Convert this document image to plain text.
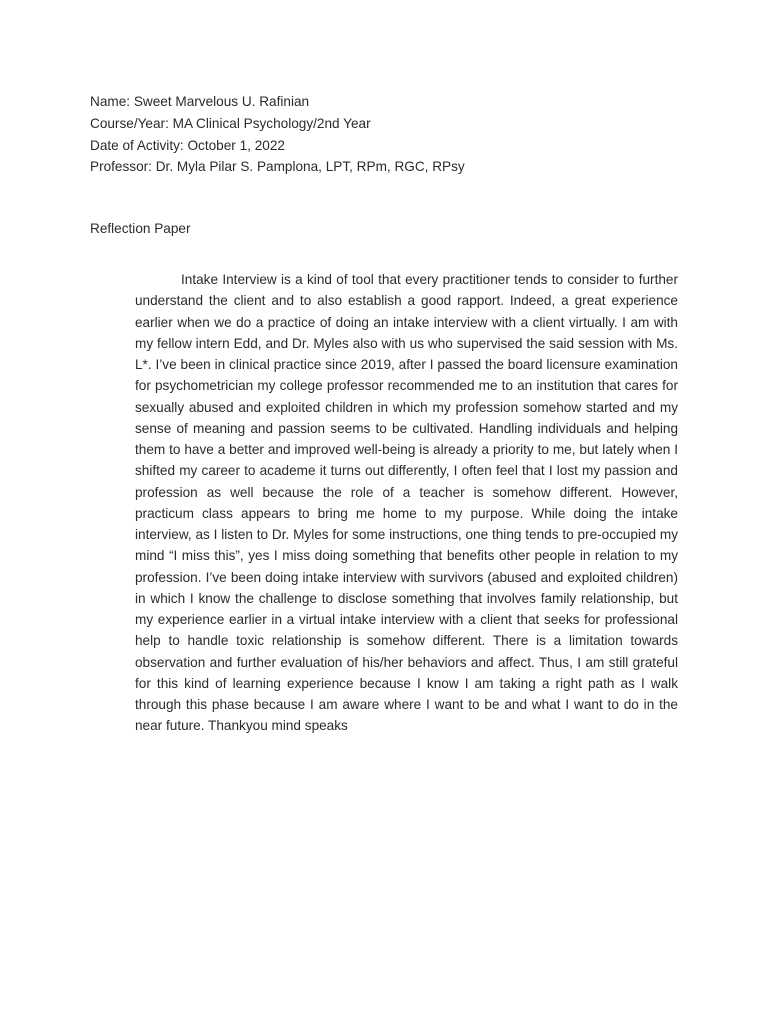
Name: Sweet Marvelous U. Rafinian
Course/Year: MA Clinical Psychology/2nd Year
Date of Activity: October 1, 2022
Professor: Dr. Myla Pilar S. Pamplona, LPT, RPm, RGC, RPsy
Reflection Paper

Intake Interview is a kind of tool that every practitioner tends to consider to further understand the client and to also establish a good rapport. Indeed, a great experience earlier when we do a practice of doing an intake interview with a client virtually. I am with my fellow intern Edd, and Dr. Myles also with us who supervised the said session with Ms. L*. I’ve been in clinical practice since 2019, after I passed the board licensure examination for psychometrician my college professor recommended me to an institution that cares for sexually abused and exploited children in which my profession somehow started and my sense of meaning and passion seems to be cultivated. Handling individuals and helping them to have a better and improved well-being is already a priority to me, but lately when I shifted my career to academe it turns out differently, I often feel that I lost my passion and profession as well because the role of a teacher is somehow different. However, practicum class appears to bring me home to my purpose. While doing the intake interview, as I listen to Dr. Myles for some instructions, one thing tends to pre-occupied my mind “I miss this”, yes I miss doing something that benefits other people in relation to my profession. I’ve been doing intake interview with survivors (abused and exploited children) in which I know the challenge to disclose something that involves family relationship, but my experience earlier in a virtual intake interview with a client that seeks for professional help to handle toxic relationship is somehow different. There is a limitation towards observation and further evaluation of his/her behaviors and affect. Thus, I am still grateful for this kind of learning experience because I know I am taking a right path as I walk through this phase because I am aware where I want to be and what I want to do in the near future. Thankyou mind speaks
